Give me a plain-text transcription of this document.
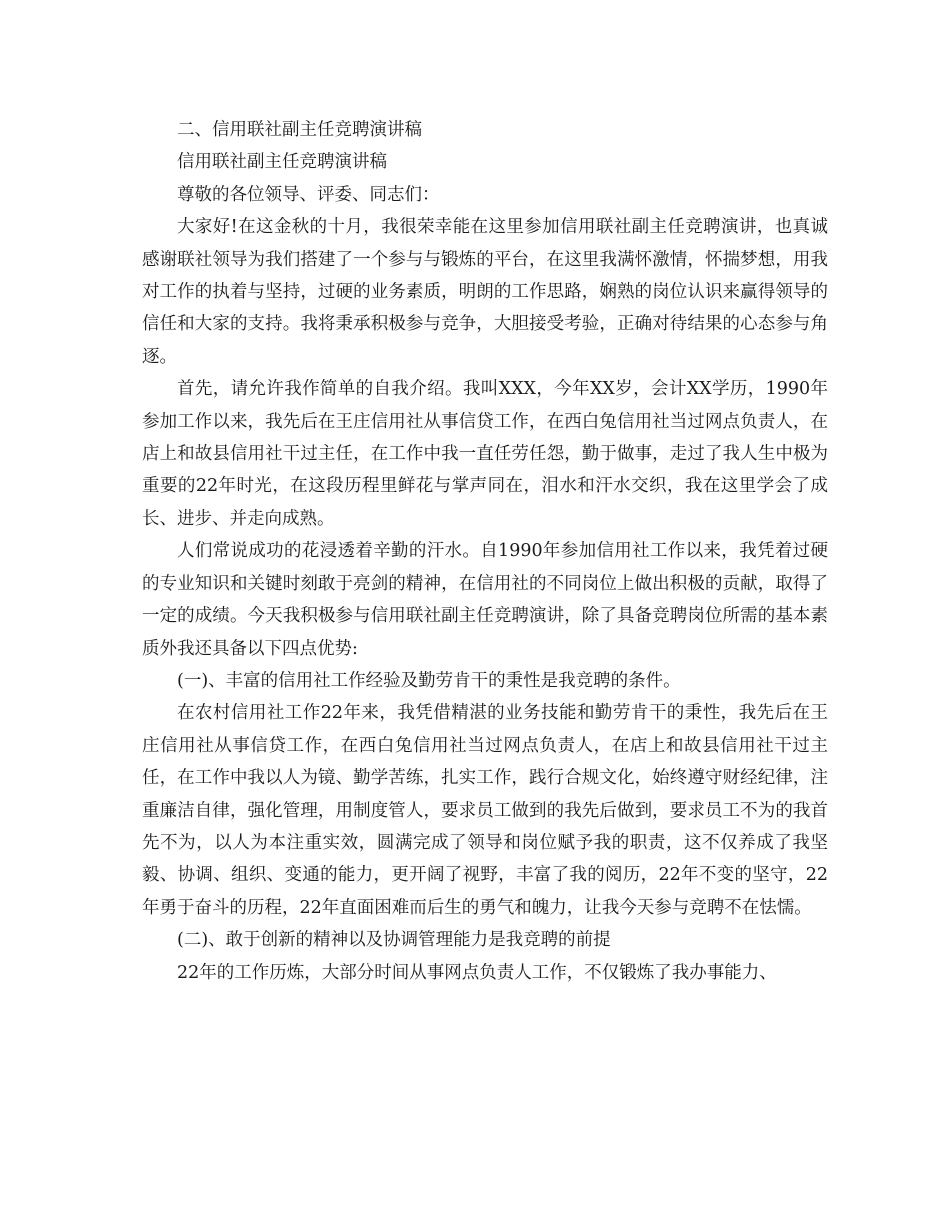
二、信用联社副主任竞聘演讲稿

信用联社副主任竞聘演讲稿

尊敬的各位领导、评委、同志们：

大家好!在这金秋的十月，我很荣幸能在这里参加信用联社副主任竞聘演讲，也真诚感谢联社领导为我们搭建了一个参与与锻炼的平台，在这里我满怀激情，怀揣梦想，用我对工作的执着与坚持，过硬的业务素质，明朗的工作思路，娴熟的岗位认识来赢得领导的信任和大家的支持。我将秉承积极参与竞争，大胆接受考验，正确对待结果的心态参与角逐。

首先，请允许我作简单的自我介绍。我叫XXX，今年XX岁，会计XX学历，1990年参加工作以来，我先后在王庄信用社从事信贷工作，在西白兔信用社当过网点负责人，在店上和故县信用社干过主任，在工作中我一直任劳任怨，勤于做事，走过了我人生中极为重要的22年时光，在这段历程里鲜花与掌声同在，泪水和汗水交织，我在这里学会了成长、进步、并走向成熟。

人们常说成功的花浸透着辛勤的汗水。自1990年参加信用社工作以来，我凭着过硬的专业知识和关键时刻敢于亮剑的精神，在信用社的不同岗位上做出积极的贡献，取得了一定的成绩。今天我积极参与信用联社副主任竞聘演讲，除了具备竞聘岗位所需的基本素质外我还具备以下四点优势:

(一)、丰富的信用社工作经验及勤劳肯干的秉性是我竞聘的条件。

在农村信用社工作22年来，我凭借精湛的业务技能和勤劳肯干的秉性，我先后在王庄信用社从事信贷工作，在西白兔信用社当过网点负责人，在店上和故县信用社干过主任，在工作中我以人为镜、勤学苦练，扎实工作，践行合规文化，始终遵守财经纪律，注重廉洁自律，强化管理，用制度管人，要求员工做到的我先后做到，要求员工不为的我首先不为，以人为本注重实效，圆满完成了领导和岗位赋予我的职责，这不仅养成了我坚毅、协调、组织、变通的能力，更开阔了视野，丰富了我的阅历，22年不变的坚守，22年勇于奋斗的历程，22年直面困难而后生的勇气和魄力，让我今天参与竞聘不在怯懦。

(二)、敢于创新的精神以及协调管理能力是我竞聘的前提

22年的工作历炼，大部分时间从事网点负责人工作，不仅锻炼了我办事能力、
